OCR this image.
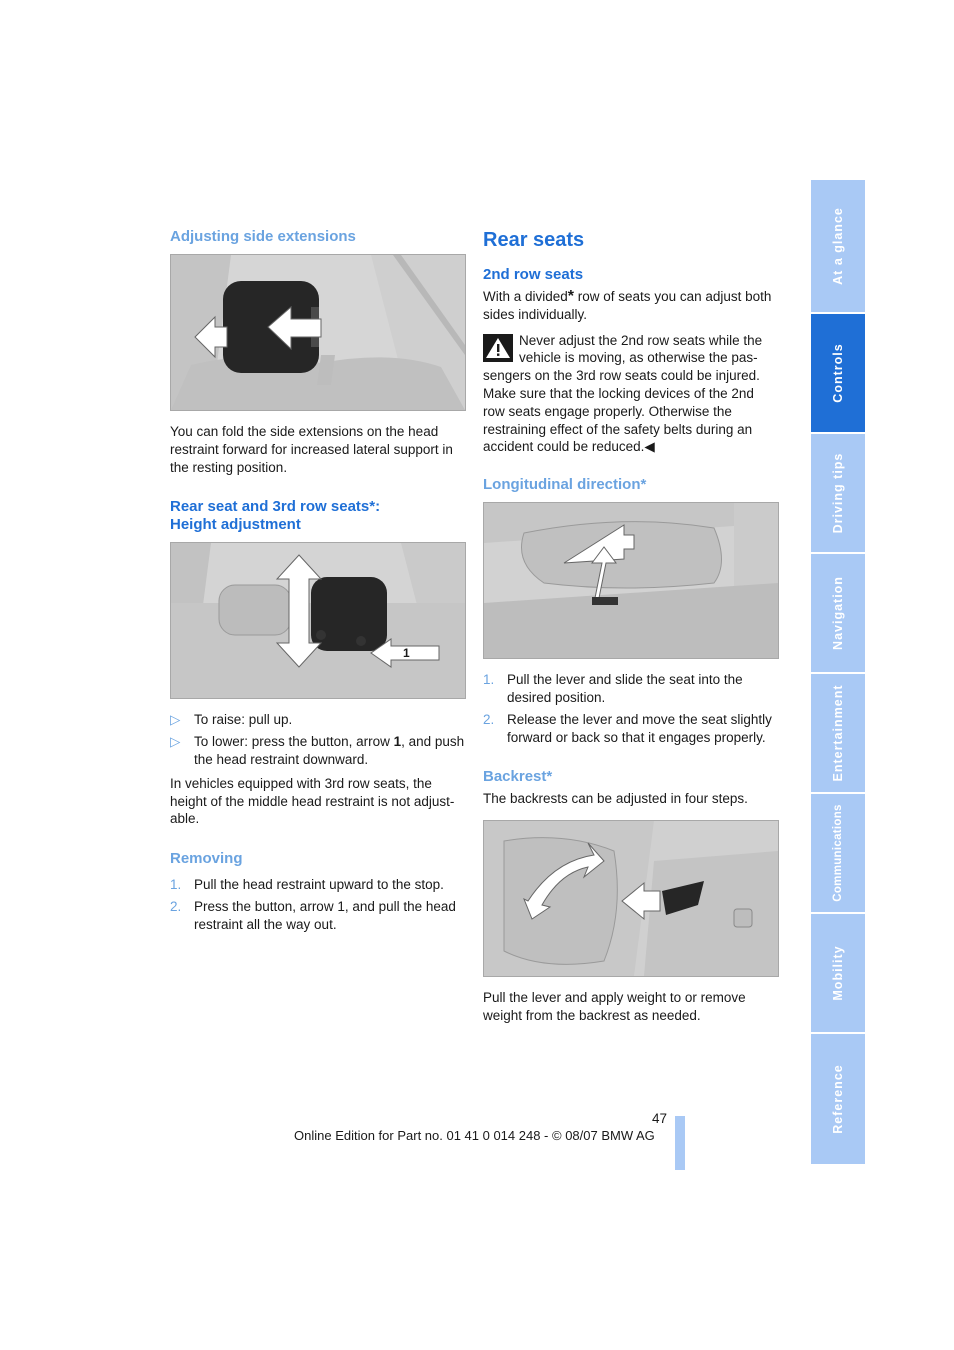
Adjusting side extensions

You can fold the side extensions on the head restraint forward for increased lateral support in the resting position.

Rear seat and 3rd row seats*:
Height adjustment
1
▷ To raise: pull up.
▷ To lower: press the button, arrow 1, and push the head restraint downward.

In vehicles equipped with 3rd row seats, the height of the middle head restraint is not adjust-able.

Removing
1. Pull the head restraint upward to the stop.
2. Press the button, arrow 1, and pull the head restraint all the way out.
Rear seats
2nd row seats

With a divided* row of seats you can adjust both sides individually.

Never adjust the 2nd row seats while the vehicle is moving, as otherwise the pas-sengers on the 3rd row seats could be injured. Make sure that the locking devices of the 2nd row seats engage properly. Otherwise the restraining effect of the safety belts during an accident could be reduced.◀

Longitudinal direction*
1. Pull the lever and slide the seat into the desired position.
2. Release the lever and move the seat slightly forward or back so that it engages properly.
Backrest*

The backrests can be adjusted in four steps.

Pull the lever and apply weight to or remove weight from the backrest as needed.

At a glance
Controls
Driving tips
Navigation
Entertainment
Communications
Mobility
Reference
47
Online Edition for Part no. 01 41 0 014 248 - © 08/07 BMW AG
